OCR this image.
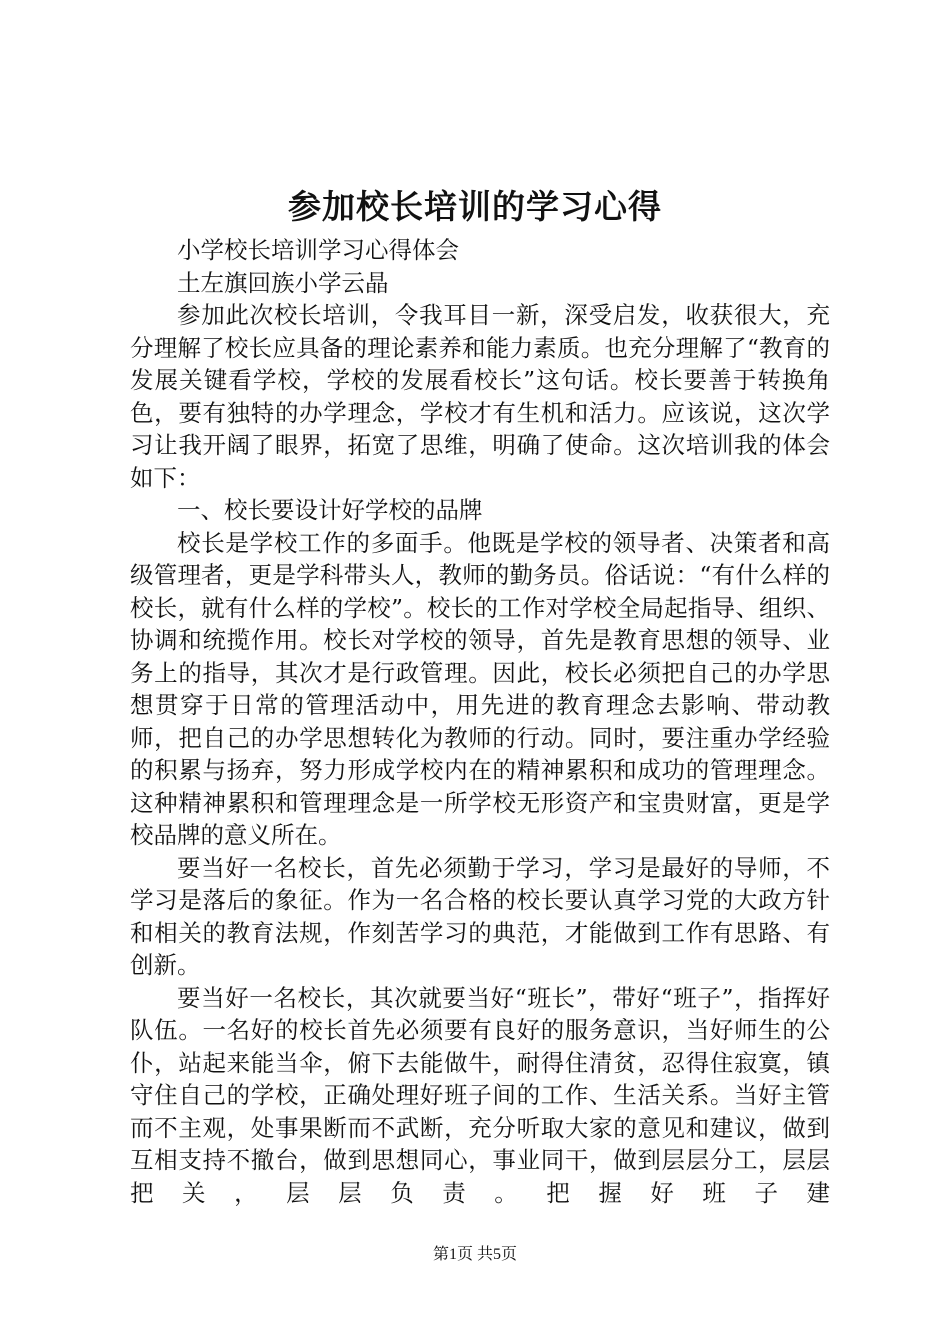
参加校长培训的学习心得

小学校长培训学习心得体会

土左旗回族小学云晶

参加此次校长培训，令我耳目一新，深受启发，收获很大，充分理解了校长应具备的理论素养和能力素质。也充分理解了“教育的发展关键看学校，学校的发展看校长”这句话。校长要善于转换角色，要有独特的办学理念，学校才有生机和活力。应该说，这次学习让我开阔了眼界，拓宽了思维，明确了使命。这次培训我的体会如下：

一、校长要设计好学校的品牌

校长是学校工作的多面手。他既是学校的领导者、决策者和高级管理者，更是学科带头人，教师的勤务员。俗话说：“有什么样的校长，就有什么样的学校”。校长的工作对学校全局起指导、组织、协调和统揽作用。校长对学校的领导，首先是教育思想的领导、业务上的指导，其次才是行政管理。因此，校长必须把自己的办学思想贯穿于日常的管理活动中，用先进的教育理念去影响、带动教师，把自己的办学思想转化为教师的行动。同时，要注重办学经验的积累与扬弃，努力形成学校内在的精神累积和成功的管理理念。这种精神累积和管理理念是一所学校无形资产和宝贵财富，更是学校品牌的意义所在。

要当好一名校长，首先必须勤于学习，学习是最好的导师，不学习是落后的象征。作为一名合格的校长要认真学习党的大政方针和相关的教育法规，作刻苦学习的典范，才能做到工作有思路、有创新。

要当好一名校长，其次就要当好“班长”，带好“班子”，指挥好队伍。一名好的校长首先必须要有良好的服务意识，当好师生的公仆，站起来能当伞，俯下去能做牛，耐得住清贫，忍得住寂寞，镇守住自己的学校，正确处理好班子间的工作、生活关系。当好主管而不主观，处事果断而不武断，充分听取大家的意见和建议，做到互相支持不撤台，做到思想同心，事业同干，做到层层分工，层层把关，层层负责。把握好班子建

第1页 共5页
